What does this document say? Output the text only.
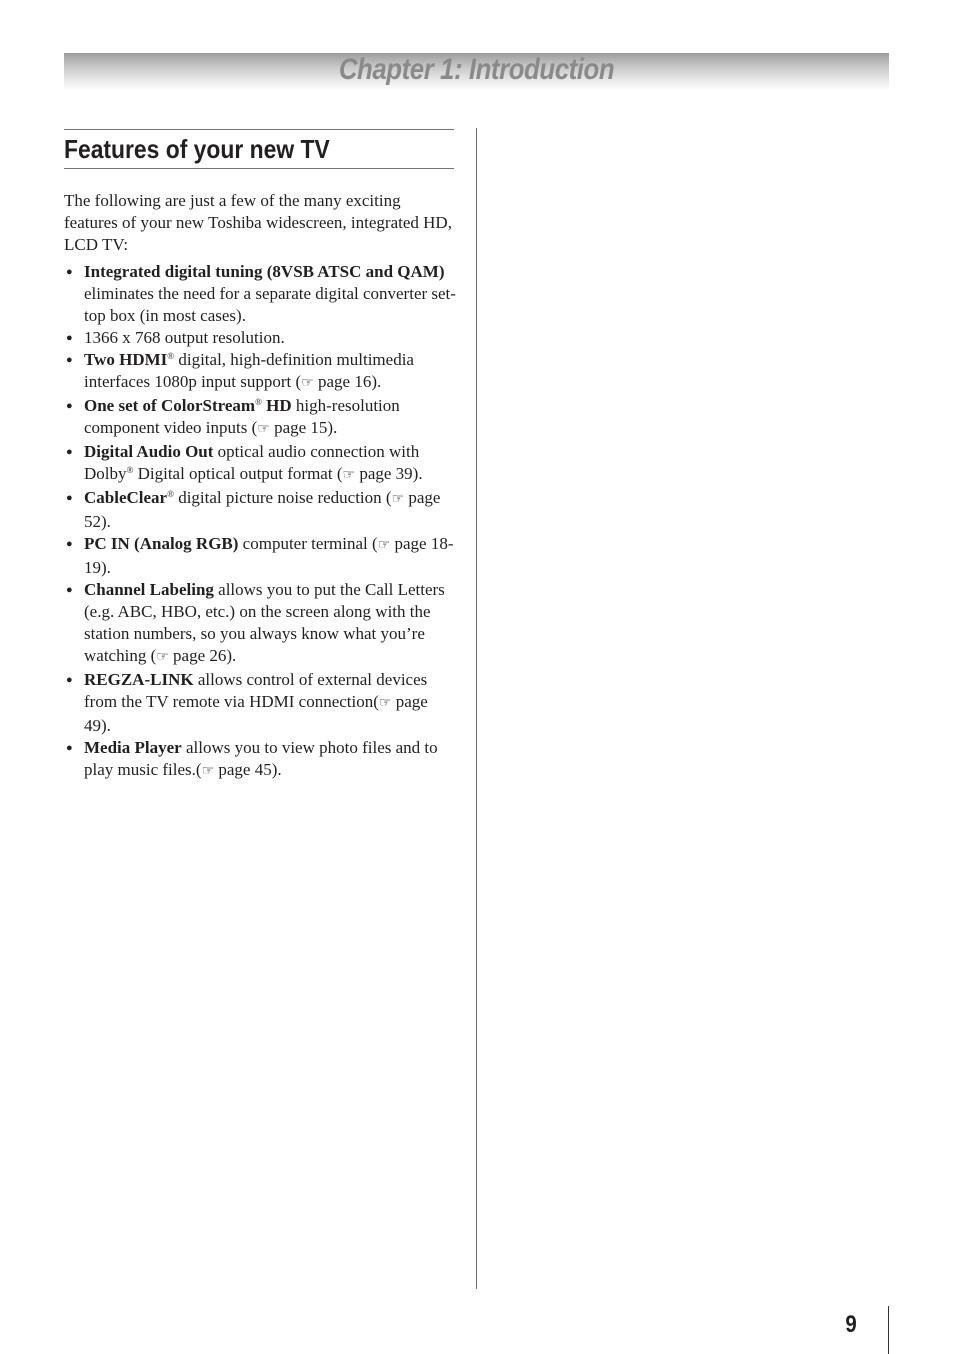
Chapter 1: Introduction
Features of your new TV

The following are just a few of the many exciting features of your new Toshiba widescreen, integrated HD, LCD TV:

● Integrated digital tuning (8VSB ATSC and QAM) eliminates the need for a separate digital converter set-top box (in most cases).
● 1366 x 768 output resolution.
● Two HDMI® digital, high-definition multimedia interfaces 1080p input support (☞ page 16).
● One set of ColorStream® HD high-resolution component video inputs (☞ page 15).
● Digital Audio Out optical audio connection with Dolby® Digital optical output format (☞ page 39).
● CableClear® digital picture noise reduction (☞ page 52).
● PC IN (Analog RGB) computer terminal (☞ page 18-19).
● Channel Labeling allows you to put the Call Letters (e.g. ABC, HBO, etc.) on the screen along with the station numbers, so you always know what you’re watching (☞ page 26).
● REGZA-LINK allows control of external devices from the TV remote via HDMI connection(☞ page 49).
● Media Player allows you to view photo files and to play music files.(☞ page 45).
9
